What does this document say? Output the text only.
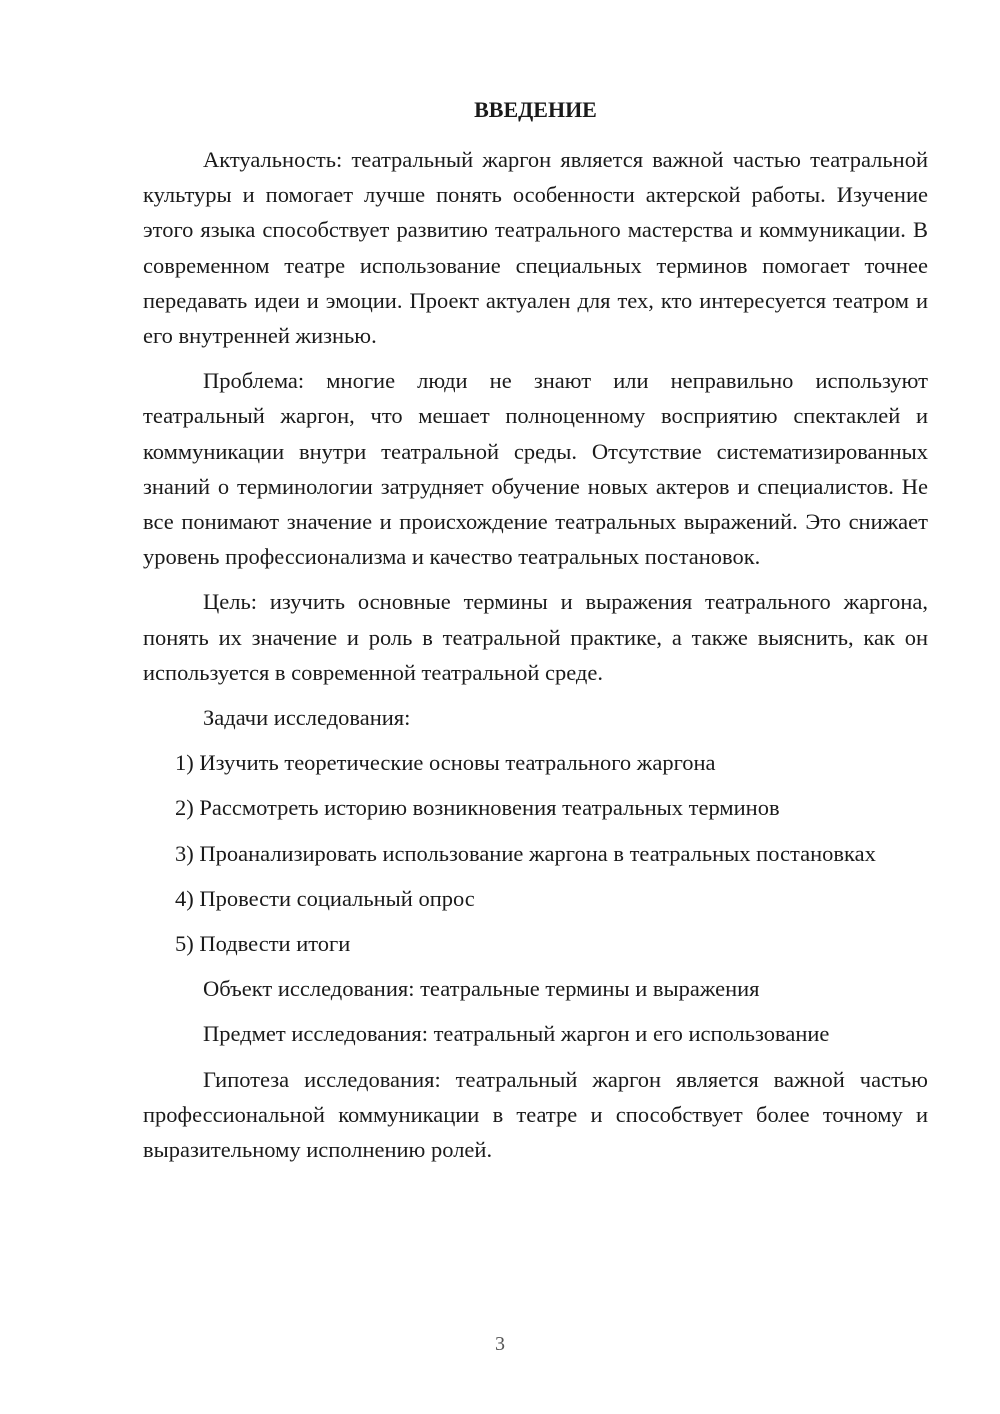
ВВЕДЕНИЕ

Актуальность: театральный жаргон является важной частью театральной культуры и помогает лучше понять особенности актерской работы. Изучение этого языка способствует развитию театрального мастерства и коммуникации. В современном театре использование специальных терминов помогает точнее передавать идеи и эмоции. Проект актуален для тех, кто интересуется театром и его внутренней жизнью.

Проблема: многие люди не знают или неправильно используют театральный жаргон, что мешает полноценному восприятию спектаклей и коммуникации внутри театральной среды. Отсутствие систематизированных знаний о терминологии затрудняет обучение новых актеров и специалистов. Не все понимают значение и происхождение театральных выражений. Это снижает уровень профессионализма и качество театральных постановок.

Цель: изучить основные термины и выражения театрального жаргона, понять их значение и роль в театральной практике, а также выяснить, как он используется в современной театральной среде.

Задачи исследования:

1) Изучить теоретические основы театрального жаргона

2) Рассмотреть историю возникновения театральных терминов

3) Проанализировать использование жаргона в театральных постановках

4) Провести социальный опрос

5) Подвести итоги

Объект исследования: театральные термины и выражения

Предмет исследования: театральный жаргон и его использование

Гипотеза исследования: театральный жаргон является важной частью профессиональной коммуникации в театре и способствует более точному и выразительному исполнению ролей.

3
